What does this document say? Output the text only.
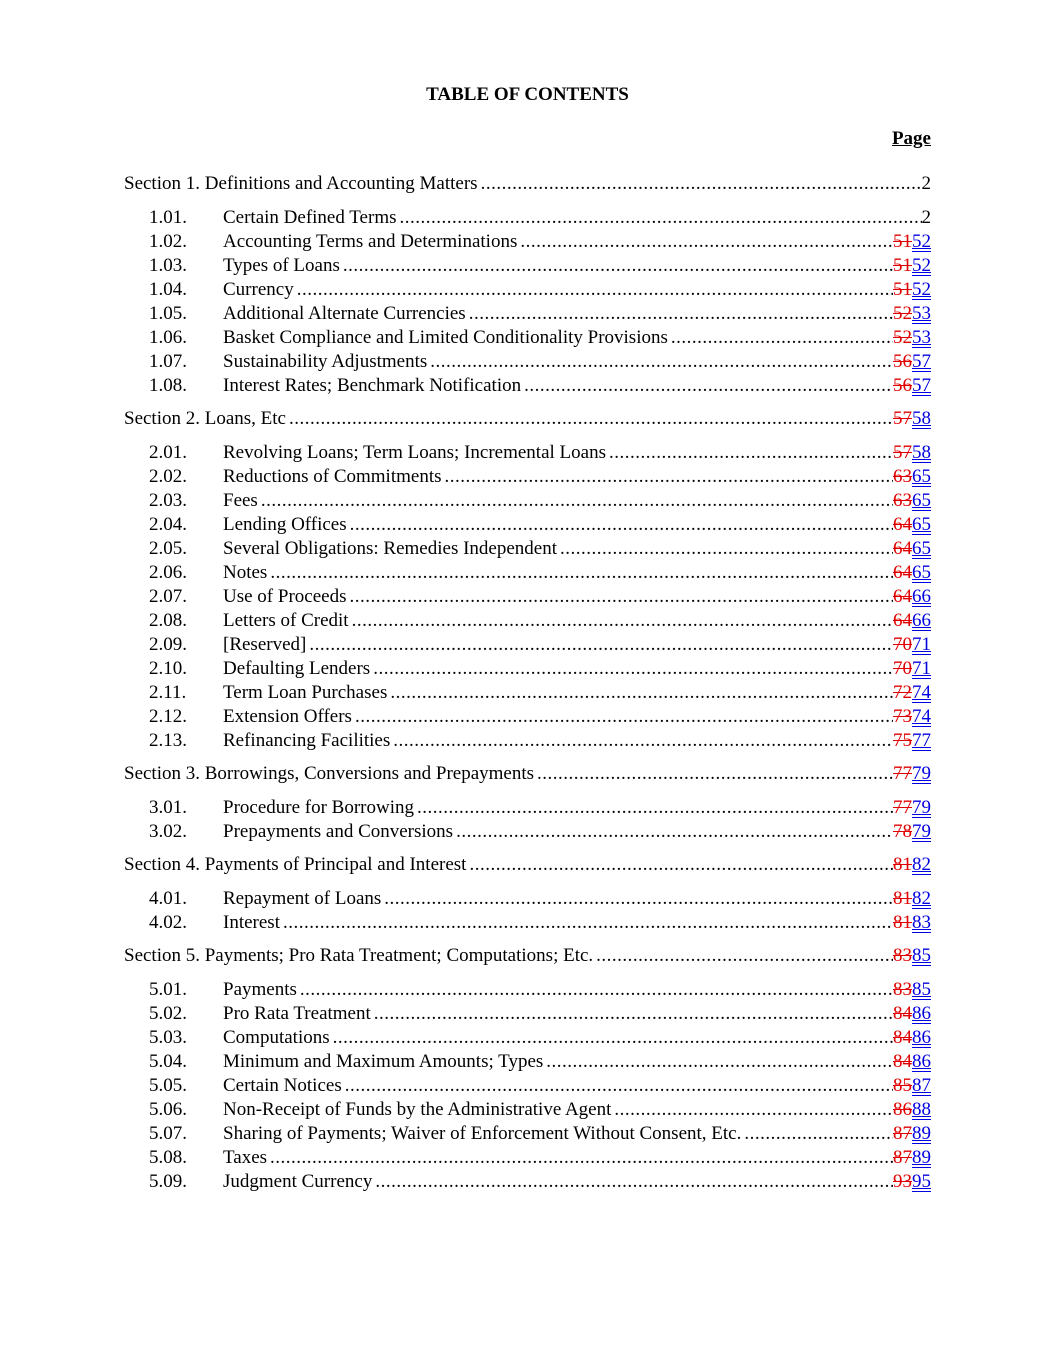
TABLE OF CONTENTS
Page
Section 1. Definitions and Accounting Matters .....	2
1.01.	Certain Defined Terms .....	2
1.02.	Accounting Terms and Determinations .....	5152
1.03.	Types of Loans .....	5152
1.04.	Currency .....	5152
1.05.	Additional Alternate Currencies .....	5253
1.06.	Basket Compliance and Limited Conditionality Provisions .....	5253
1.07.	Sustainability Adjustments .....	5657
1.08.	Interest Rates; Benchmark Notification .....	5657
Section 2. Loans, Etc .....	5758
2.01.	Revolving Loans; Term Loans; Incremental Loans .....	5758
2.02.	Reductions of Commitments .....	6365
2.03.	Fees .....	6365
2.04.	Lending Offices .....	6465
2.05.	Several Obligations: Remedies Independent .....	6465
2.06.	Notes .....	6465
2.07.	Use of Proceeds .....	6466
2.08.	Letters of Credit .....	6466
2.09.	[Reserved] .....	7071
2.10.	Defaulting Lenders .....	7071
2.11.	Term Loan Purchases .....	7274
2.12.	Extension Offers .....	7374
2.13.	Refinancing Facilities .....	7577
Section 3. Borrowings, Conversions and Prepayments .....	7779
3.01.	Procedure for Borrowing .....	7779
3.02.	Prepayments and Conversions .....	7879
Section 4. Payments of Principal and Interest .....	8182
4.01.	Repayment of Loans .....	8182
4.02.	Interest .....	8183
Section 5. Payments; Pro Rata Treatment; Computations; Etc. .....	8385
5.01.	Payments .....	8385
5.02.	Pro Rata Treatment .....	8486
5.03.	Computations .....	8486
5.04.	Minimum and Maximum Amounts; Types .....	8486
5.05.	Certain Notices .....	8587
5.06.	Non-Receipt of Funds by the Administrative Agent .....	8688
5.07.	Sharing of Payments; Waiver of Enforcement Without Consent, Etc. .....	8789
5.08.	Taxes .....	8789
5.09.	Judgment Currency .....	9395
